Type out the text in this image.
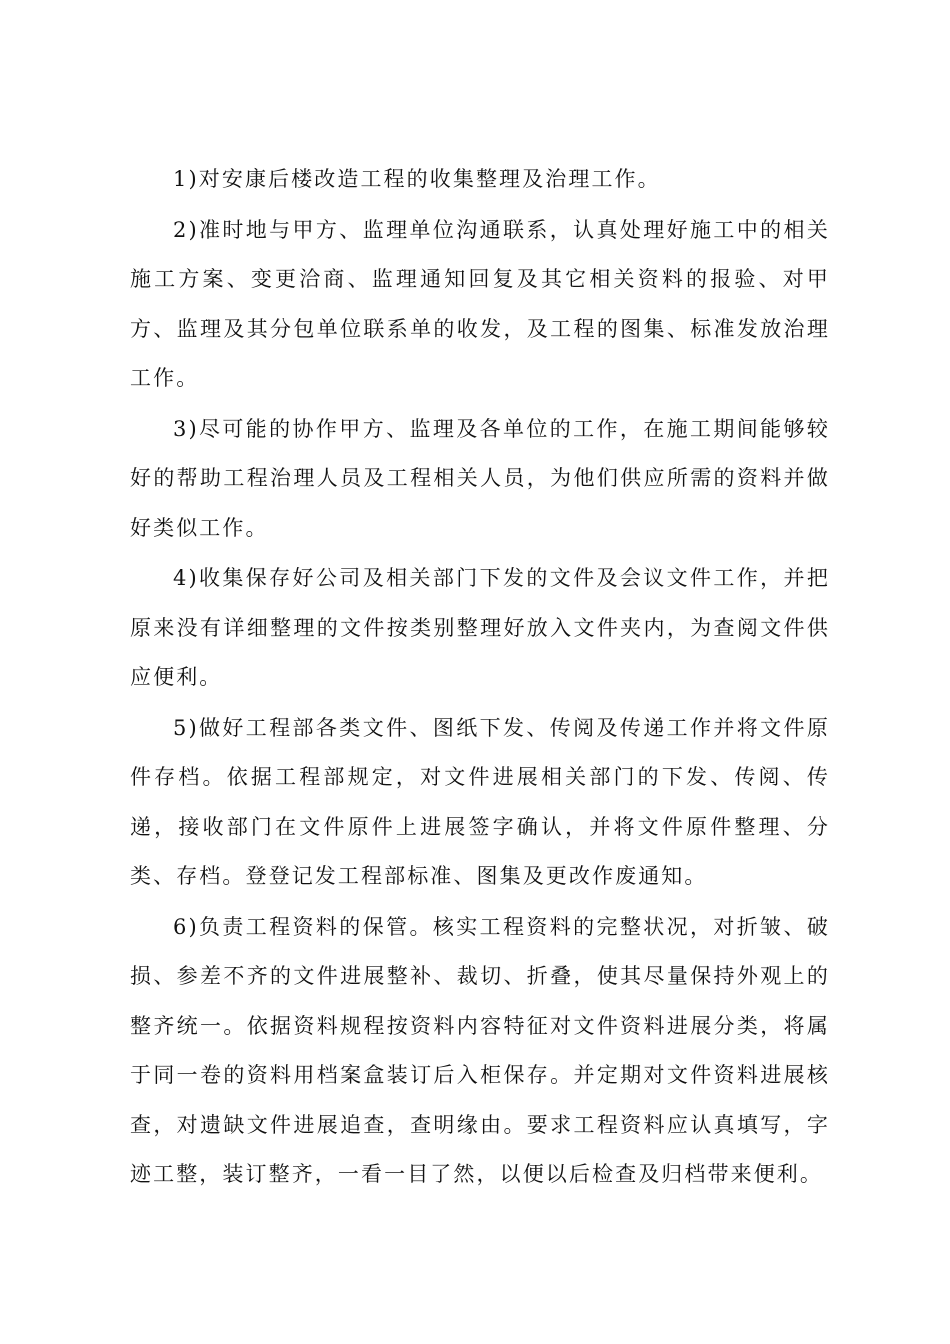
1)对安康后楼改造工程的收集整理及治理工作。

2)准时地与甲方、监理单位沟通联系，认真处理好施工中的相关施工方案、变更洽商、监理通知回复及其它相关资料的报验、对甲方、监理及其分包单位联系单的收发，及工程的图集、标准发放治理工作。

3)尽可能的协作甲方、监理及各单位的工作，在施工期间能够较好的帮助工程治理人员及工程相关人员，为他们供应所需的资料并做好类似工作。

4)收集保存好公司及相关部门下发的文件及会议文件工作，并把原来没有详细整理的文件按类别整理好放入文件夹内，为查阅文件供应便利。

5)做好工程部各类文件、图纸下发、传阅及传递工作并将文件原件存档。依据工程部规定，对文件进展相关部门的下发、传阅、传递，接收部门在文件原件上进展签字确认，并将文件原件整理、分类、存档。登登记发工程部标准、图集及更改作废通知。

6)负责工程资料的保管。核实工程资料的完整状况，对折皱、破损、参差不齐的文件进展整补、裁切、折叠，使其尽量保持外观上的整齐统一。依据资料规程按资料内容特征对文件资料进展分类，将属于同一卷的资料用档案盒装订后入柜保存。并定期对文件资料进展核查，对遗缺文件进展追查，查明缘由。要求工程资料应认真填写，字迹工整，装订整齐，一看一目了然，以便以后检查及归档带来便利。
